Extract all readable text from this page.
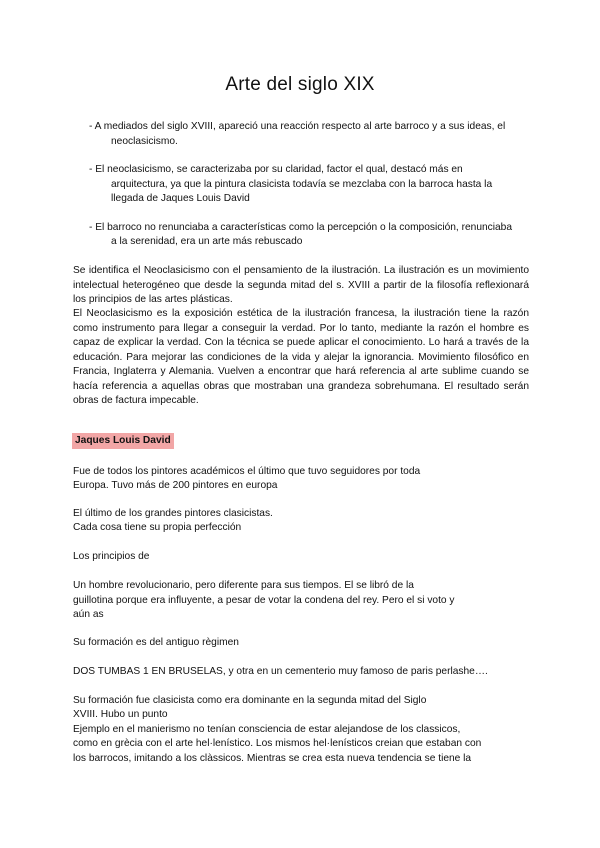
Arte del siglo XIX
- A mediados del siglo XVIII, apareció una reacción respecto al arte barroco y a sus ideas, el neoclasicismo.
- El neoclasicismo, se caracterizaba por su claridad, factor el qual, destacó más en arquitectura, ya que la pintura clasicista todavía se mezclaba con la barroca hasta la llegada de Jaques Louis David
- El barroco no renunciaba a características como la percepción o la composición, renunciaba a la serenidad, era un arte más rebuscado

Se identifica el Neoclasicismo con el pensamiento de la ilustración. La ilustración es un movimiento intelectual heterogéneo que desde la segunda mitad del s. XVIII a partir de la filosofía reflexionará los principios de las artes plásticas.

El Neoclasicismo es la exposición estética de la ilustración francesa, la ilustración tiene la razón como instrumento para llegar a conseguir la verdad. Por lo tanto, mediante la razón el hombre es capaz de explicar la verdad. Con la técnica se puede aplicar el conocimiento. Lo hará a través de la educación. Para mejorar las condiciones de la vida y alejar la ignorancia. Movimiento filosófico en Francia, Inglaterra y Alemania. Vuelven a encontrar que hará referencia al arte sublime cuando se hacía referencia a aquellas obras que mostraban una grandeza sobrehumana. El resultado serán obras de factura impecable.

Jaques Louis David

Fue de todos los pintores académicos el último que tuvo seguidores por toda

Europa. Tuvo más de 200 pintores en europa

El último de los grandes pintores clasicistas.

Cada cosa tiene su propia perfección

Los principios de

Un hombre revolucionario, pero diferente para sus tiempos. El se libró de la

guillotina porque era influyente, a pesar de votar la condena del rey. Pero el si voto y

aún as

Su formación es del antiguo règimen

DOS TUMBAS 1 EN BRUSELAS, y otra en un cementerio muy famoso de paris perlashe….

Su formación fue clasicista como era dominante en la segunda mitad del Siglo

XVIII. Hubo un punto

Ejemplo en el manierismo no tenían consciencia de estar alejandose de los classicos,

como en grècia con el arte hel·lenístico. Los mismos hel·lenísticos creian que estaban con

los barrocos, imitando a los clàssicos. Mientras se crea esta nueva tendencia se tiene la
